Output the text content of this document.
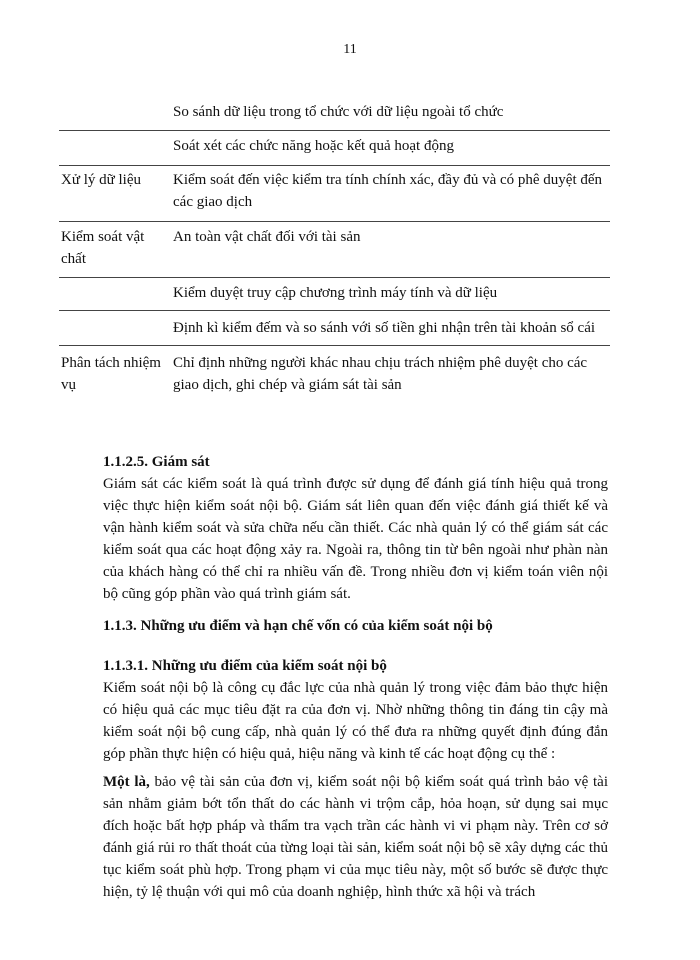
11
So sánh dữ liệu trong tổ chức với dữ liệu ngoài tổ chức
Soát xét các chức năng hoặc kết quả hoạt động
Xử lý dữ liệu	Kiểm soát đến việc kiểm tra tính chính xác, đầy đủ và có phê duyệt đến các giao dịch
Kiểm soát vật chất
An toàn vật chất đối với tài sản
Kiểm duyệt truy cập chương trình máy tính và dữ liệu
Định kì kiểm đếm và so sánh với số tiền ghi nhận trên tài khoản sổ cái
Phân tách nhiệm vụ
Chỉ định những người khác nhau chịu trách nhiệm phê duyệt cho các giao dịch, ghi chép và giám sát tài sản
1.1.2.5. Giám sát
Giám sát các kiểm soát là quá trình được sử dụng để đánh giá tính hiệu quả trong việc thực hiện kiểm soát nội bộ. Giám sát liên quan đến việc đánh giá thiết kế và vận hành kiểm soát và sửa chữa nếu cần thiết. Các nhà quản lý có thể giám sát các kiểm soát qua các hoạt động xảy ra. Ngoài ra, thông tin từ bên ngoài như phàn nàn của khách hàng có thể chỉ ra nhiều vấn đề. Trong nhiều đơn vị kiểm toán viên nội bộ cũng góp phần vào quá trình giám sát.
1.1.3. Những ưu điểm và hạn chế vốn có của kiểm soát nội bộ
1.1.3.1. Những ưu điểm của kiểm soát nội bộ
Kiểm soát nội bộ là công cụ đắc lực của nhà quản lý trong việc đảm bảo thực hiện có hiệu quả các mục tiêu đặt ra của đơn vị. Nhờ những thông tin đáng tin cậy mà kiểm soát nội bộ cung cấp, nhà quản lý có thể đưa ra những quyết định đúng đắn góp phần thực hiện có hiệu quả, hiệu năng và kinh tế các hoạt động cụ thể :
Một là, bảo vệ tài sản của đơn vị, kiểm soát nội bộ kiểm soát quá trình bảo vệ tài sản nhằm giảm bớt tổn thất do các hành vi trộm cắp, hỏa hoạn, sử dụng sai mục đích hoặc bất hợp pháp và thẩm tra vạch trần các hành vi vi phạm này. Trên cơ sở đánh giá rủi ro thất thoát của từng loại tài sản, kiểm soát nội bộ sẽ xây dựng các thủ tục kiểm soát phù hợp. Trong phạm vi của mục tiêu này, một số bước sẽ được thực hiện, tỷ lệ thuận với qui mô của doanh nghiệp, hình thức xã hội và trách
